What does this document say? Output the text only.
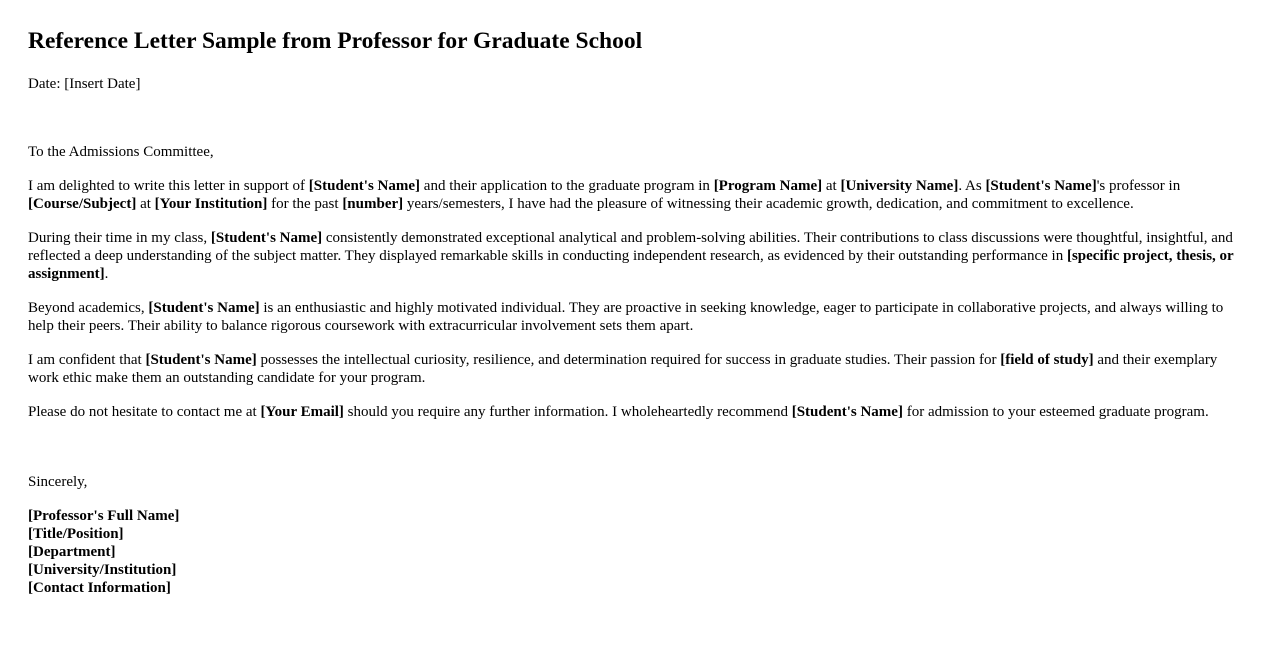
Reference Letter Sample from Professor for Graduate School

Date: [Insert Date]

To the Admissions Committee,

I am delighted to write this letter in support of [Student's Name] and their application to the graduate program in [Program Name] at [University Name]. As [Student's Name]'s professor in [Course/Subject] at [Your Institution] for the past [number] years/semesters, I have had the pleasure of witnessing their academic growth, dedication, and commitment to excellence.

During their time in my class, [Student's Name] consistently demonstrated exceptional analytical and problem-solving abilities. Their contributions to class discussions were thoughtful, insightful, and reflected a deep understanding of the subject matter. They displayed remarkable skills in conducting independent research, as evidenced by their outstanding performance in [specific project, thesis, or assignment].

Beyond academics, [Student's Name] is an enthusiastic and highly motivated individual. They are proactive in seeking knowledge, eager to participate in collaborative projects, and always willing to help their peers. Their ability to balance rigorous coursework with extracurricular involvement sets them apart.

I am confident that [Student's Name] possesses the intellectual curiosity, resilience, and determination required for success in graduate studies. Their passion for [field of study] and their exemplary work ethic make them an outstanding candidate for your program.

Please do not hesitate to contact me at [Your Email] should you require any further information. I wholeheartedly recommend [Student's Name] for admission to your esteemed graduate program.

Sincerely,

[Professor's Full Name]
[Title/Position]
[Department]
[University/Institution]
[Contact Information]
